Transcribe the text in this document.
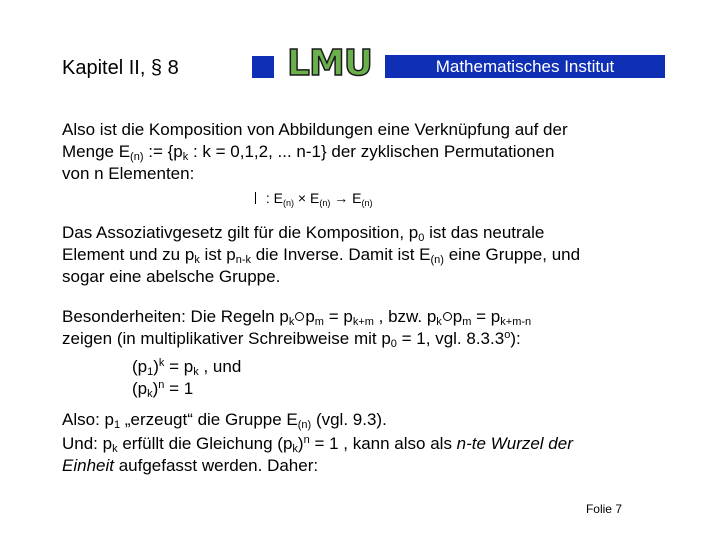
Kapitel II, § 8	LMU	Mathematisches Institut
Also ist die Komposition von Abbildungen eine Verknüpfung auf der
Menge $E_{(n)}$ := {$p_k$ : k = 0,1,2, ... n-1} der zyklischen Permutationen
von n Elementen:
: $E_{(n)} \times E_{(n)} \to E_{(n)}$
Das Assoziativgesetz gilt für die Komposition, $p_0$ ist das neutrale
Element und zu $p_k$ ist $p_{n-k}$ die Inverse. Damit ist $E_{(n)}$ eine Gruppe, und
sogar eine abelsche Gruppe.
Besonderheiten: Die Regeln $p_k$ $p_m = p_{k+m}$ , bzw. $p_k$ $p_m = p_{k+m-n}$
zeigen (in multiplikativer Schreibweise mit $p_0 = 1$, vgl. 8.3.3$^o$):
$(p_1)^k = p_k$ , und
$(p_k)^n = 1$
Also: $p_1$ „erzeugt“ die Gruppe $E_{(n)}$ (vgl. 9.3).
Und: $p_k$ erfüllt die Gleichung $(p_k)^n = 1$ , kann also als n-te Wurzel der
Einheit aufgefasst werden. Daher:
Folie 7
